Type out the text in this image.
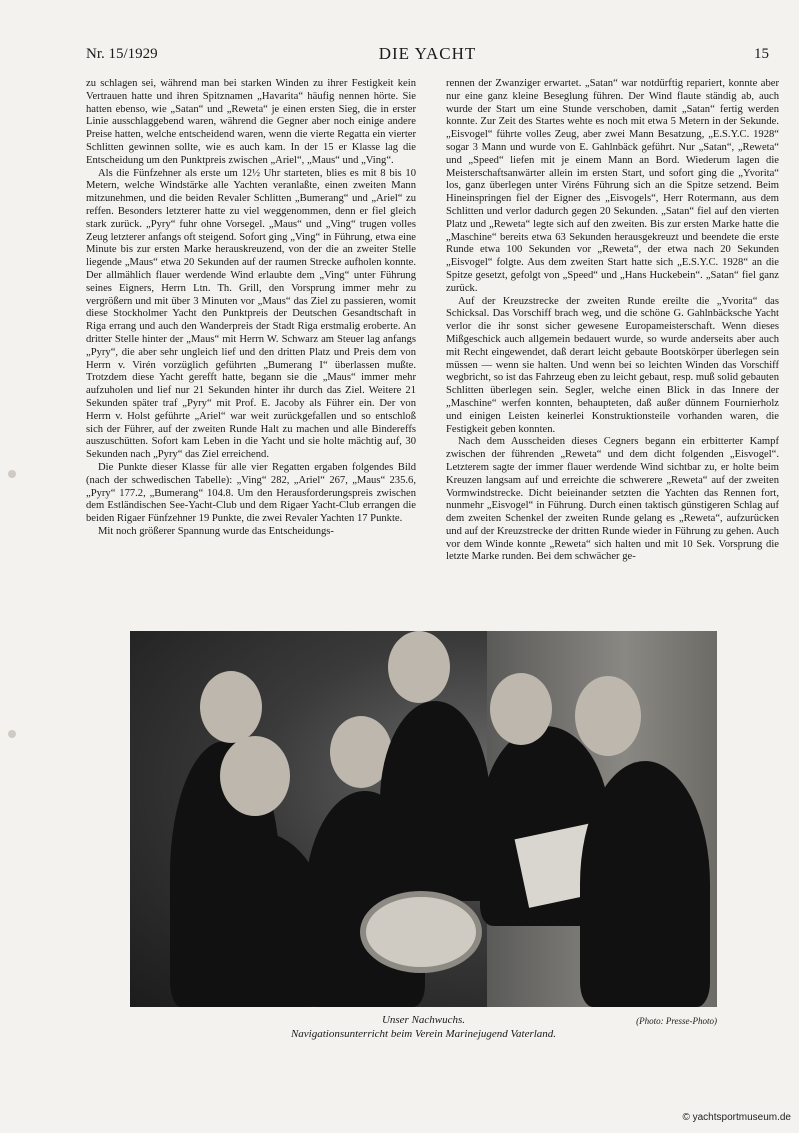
Nr. 15/1929	DIE YACHT	15

zu schlagen sei, während man bei starken Winden zu ihrer Festigkeit kein Vertrauen hatte und ihren Spitznamen „Havarita“ häufig nennen hörte. Sie hatten ebenso, wie „Satan“ und „Reweta“ je einen ersten Sieg, die in erster Linie ausschlaggebend waren, während die Gegner aber noch einige andere Preise hatten, welche entscheidend waren, wenn die vierte Regatta ein vierter Schlitten gewinnen sollte, wie es auch kam. In der 15 er Klasse lag die Entscheidung um den Punktpreis zwischen „Ariel“, „Maus“ und „Ving“.

Als die Fünfzehner als erste um 12½ Uhr starteten, blies es mit 8 bis 10 Metern, welche Windstärke alle Yachten veranlaßte, einen zweiten Mann mitzunehmen, und die beiden Revaler Schlitten „Bumerang“ und „Ariel“ zu reffen. Besonders letzterer hatte zu viel weggenommen, denn er fiel gleich stark zurück. „Pyry“ fuhr ohne Vorsegel. „Maus“ und „Ving“ trugen volles Zeug letzterer anfangs oft steigend. Sofort ging „Ving“ in Führung, etwa eine Minute bis zur ersten Marke herauskreuzend, von der die an zweiter Stelle liegende „Maus“ etwa 20 Sekunden auf der raumen Strecke aufholen konnte. Der allmählich flauer werdende Wind erlaubte dem „Ving“ unter Führung seines Eigners, Herrn Ltn. Th. Grill, den Vorsprung immer mehr zu vergrößern und mit über 3 Minuten vor „Maus“ das Ziel zu passieren, womit diese Stockholmer Yacht den Punktpreis der Deutschen Gesandtschaft in Riga errang und auch den Wanderpreis der Stadt Riga erstmalig eroberte. An dritter Stelle hinter der „Maus“ mit Herrn W. Schwarz am Steuer lag anfangs „Pyry“, die aber sehr ungleich lief und den dritten Platz und Preis dem von Herrn v. Virén vorzüglich geführten „Bumerang I“ überlassen mußte. Trotzdem diese Yacht gerefft hatte, begann sie die „Maus“ immer mehr aufzuholen und lief nur 21 Sekunden hinter ihr durch das Ziel. Weitere 21 Sekunden später traf „Pyry“ mit Prof. E. Jacoby als Führer ein. Der von Herrn v. Holst geführte „Ariel“ war weit zurückgefallen und so entschloß sich der Führer, auf der zweiten Runde Halt zu machen und alle Bindereffs auszuschütten. Sofort kam Leben in die Yacht und sie holte mächtig auf, 30 Sekunden nach „Pyry“ das Ziel erreichend.

Die Punkte dieser Klasse für alle vier Regatten ergaben folgendes Bild (nach der schwedischen Tabelle): „Ving“ 282, „Ariel“ 267, „Maus“ 235.6, „Pyry“ 177.2, „Bumerang“ 104.8. Um den Herausforderungspreis zwischen dem Estländischen See-Yacht-Club und dem Rigaer Yacht-Club errangen die beiden Rigaer Fünfzehner 19 Punkte, die zwei Revaler Yachten 17 Punkte.

Mit noch größerer Spannung wurde das Entscheidungs-

rennen der Zwanziger erwartet. „Satan“ war notdürftig repariert, konnte aber nur eine ganz kleine Beseglung führen. Der Wind flaute ständig ab, auch wurde der Start um eine Stunde verschoben, damit „Satan“ fertig werden konnte. Zur Zeit des Startes wehte es noch mit etwa 5 Metern in der Sekunde. „Eisvogel“ führte volles Zeug, aber zwei Mann Besatzung, „E.S.Y.C. 1928“ sogar 3 Mann und wurde von E. Gahlnbäck geführt. Nur „Satan“, „Reweta“ und „Speed“ liefen mit je einem Mann an Bord. Wiederum lagen die Meisterschaftsanwärter allein im ersten Start, und sofort ging die „Yvorita“ los, ganz überlegen unter Viréns Führung sich an die Spitze setzend. Beim Hineinspringen fiel der Eigner des „Eisvogels“, Herr Rotermann, aus dem Schlitten und verlor dadurch gegen 20 Sekunden. „Satan“ fiel auf den vierten Platz und „Reweta“ legte sich auf den zweiten. Bis zur ersten Marke hatte die „Maschine“ bereits etwa 63 Sekunden herausgekreuzt und beendete die erste Runde etwa 100 Sekunden vor „Reweta“, der etwa nach 20 Sekunden „Eisvogel“ folgte. Aus dem zweiten Start hatte sich „E.S.Y.C. 1928“ an die Spitze gesetzt, gefolgt von „Speed“ und „Hans Huckebein“. „Satan“ fiel ganz zurück.

Auf der Kreuzstrecke der zweiten Runde ereilte die „Yvorita“ das Schicksal. Das Vorschiff brach weg, und die schöne G. Gahlnbäcksche Yacht verlor die ihr sonst sicher gewesene Europameisterschaft. Wenn dieses Mißgeschick auch allgemein bedauert wurde, so wurde anderseits aber auch mit Recht eingewendet, daß derart leicht gebaute Bootskörper überlegen sein müssen — wenn sie halten. Und wenn bei so leichten Winden das Vorschiff wegbricht, so ist das Fahrzeug eben zu leicht gebaut, resp. muß solid gebauten Schlitten überlegen sein. Segler, welche einen Blick in das Innere der „Maschine“ werfen konnten, behaupteten, daß außer dünnem Fournierholz und einigen Leisten keinerlei Konstruktionsteile vorhanden waren, die Festigkeit geben konnten.

Nach dem Ausscheiden dieses Cegners begann ein erbitterter Kampf zwischen der führenden „Reweta“ und dem dicht folgenden „Eisvogel“. Letzterem sagte der immer flauer werdende Wind sichtbar zu, er holte beim Kreuzen langsam auf und erreichte die schwerere „Reweta“ auf der zweiten Vormwindstrecke. Dicht beieinander setzten die Yachten das Rennen fort, nunmehr „Eisvogel“ in Führung. Durch einen taktisch günstigeren Schlag auf dem zweiten Schenkel der zweiten Runde gelang es „Reweta“, aufzurücken und auf der Kreuzstrecke der dritten Runde wieder in Führung zu gehen. Auch vor dem Winde konnte „Reweta“ sich halten und mit 10 Sek. Vorsprung die letzte Marke runden. Bei dem schwächer ge-

Unser Nachwuchs.
Navigationsunterricht beim Verein Marinejugend Vaterland.
(Photo: Presse-Photo)
© yachtsportmuseum.de
